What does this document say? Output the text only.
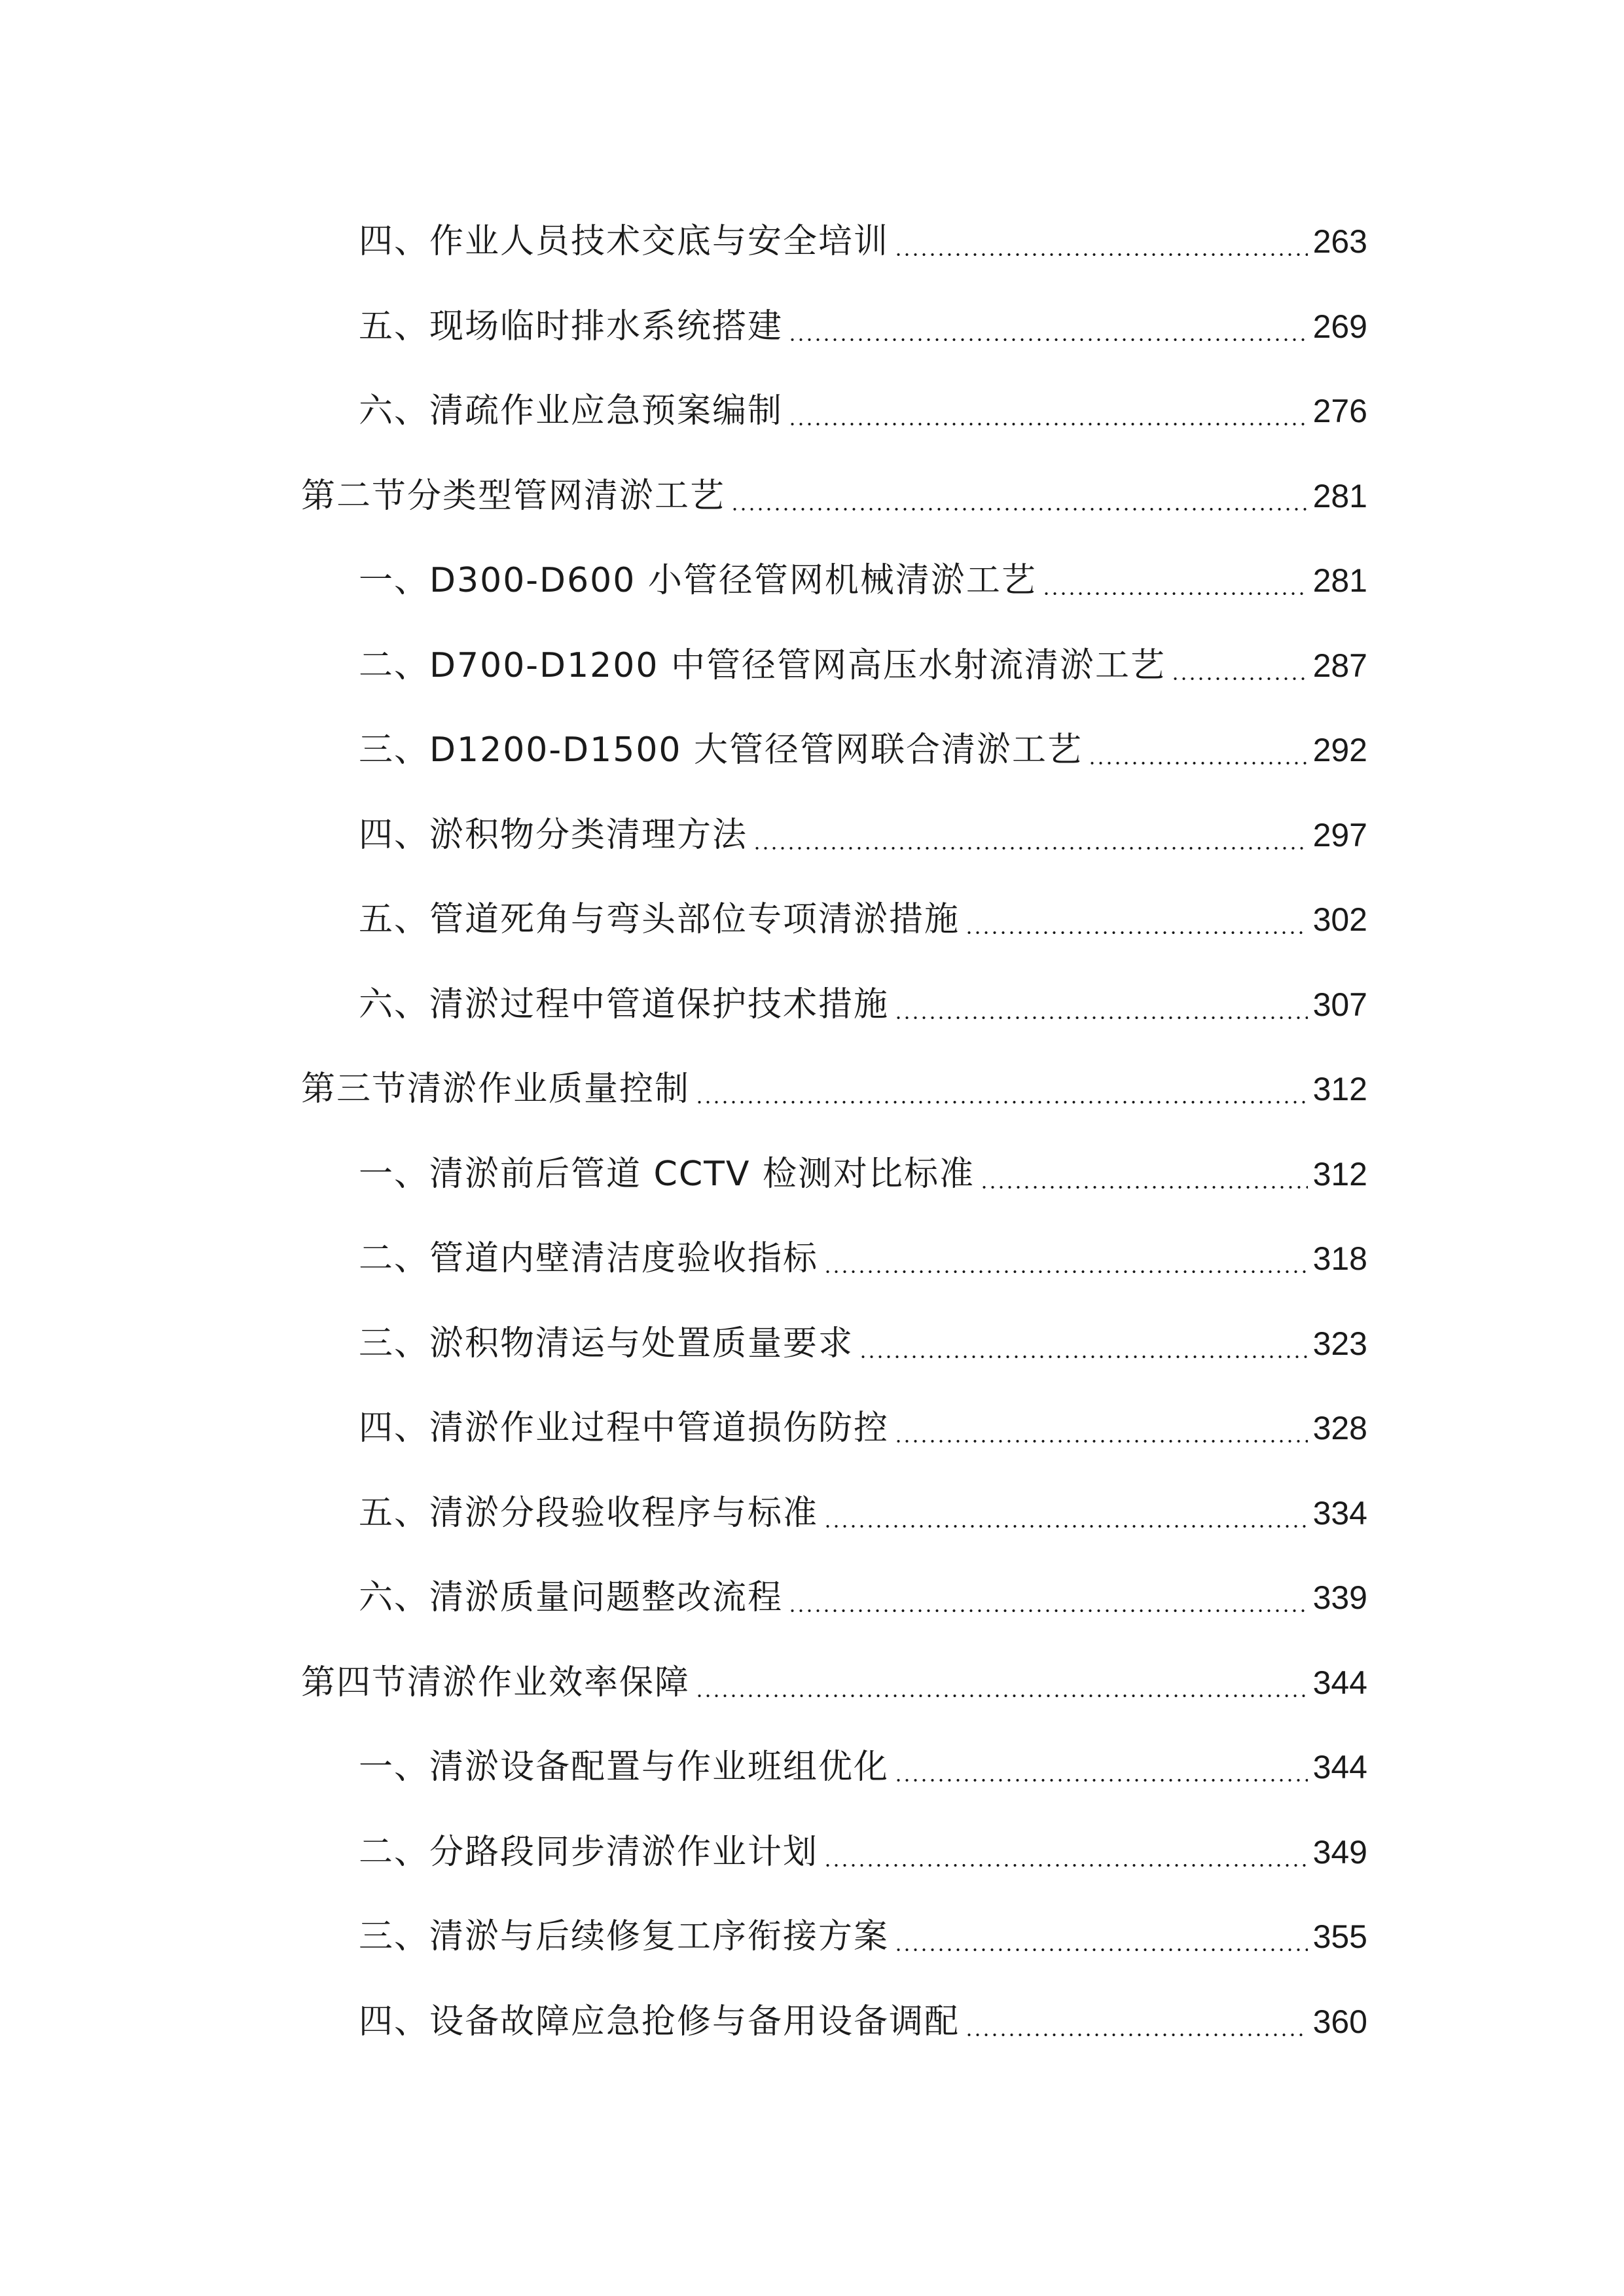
四、作业人员技术交底与安全培训	263
五、现场临时排水系统搭建	269
六、清疏作业应急预案编制	276
第二节分类型管网清淤工艺	281
一、D300-D600 小管径管网机械清淤工艺	281
二、D700-D1200 中管径管网高压水射流清淤工艺	287
三、D1200-D1500 大管径管网联合清淤工艺	292
四、淤积物分类清理方法	297
五、管道死角与弯头部位专项清淤措施	302
六、清淤过程中管道保护技术措施	307
第三节清淤作业质量控制	312
一、清淤前后管道 CCTV 检测对比标准	312
二、管道内壁清洁度验收指标	318
三、淤积物清运与处置质量要求	323
四、清淤作业过程中管道损伤防控	328
五、清淤分段验收程序与标准	334
六、清淤质量问题整改流程	339
第四节清淤作业效率保障	344
一、清淤设备配置与作业班组优化	344
二、分路段同步清淤作业计划	349
三、清淤与后续修复工序衔接方案	355
四、设备故障应急抢修与备用设备调配	360
